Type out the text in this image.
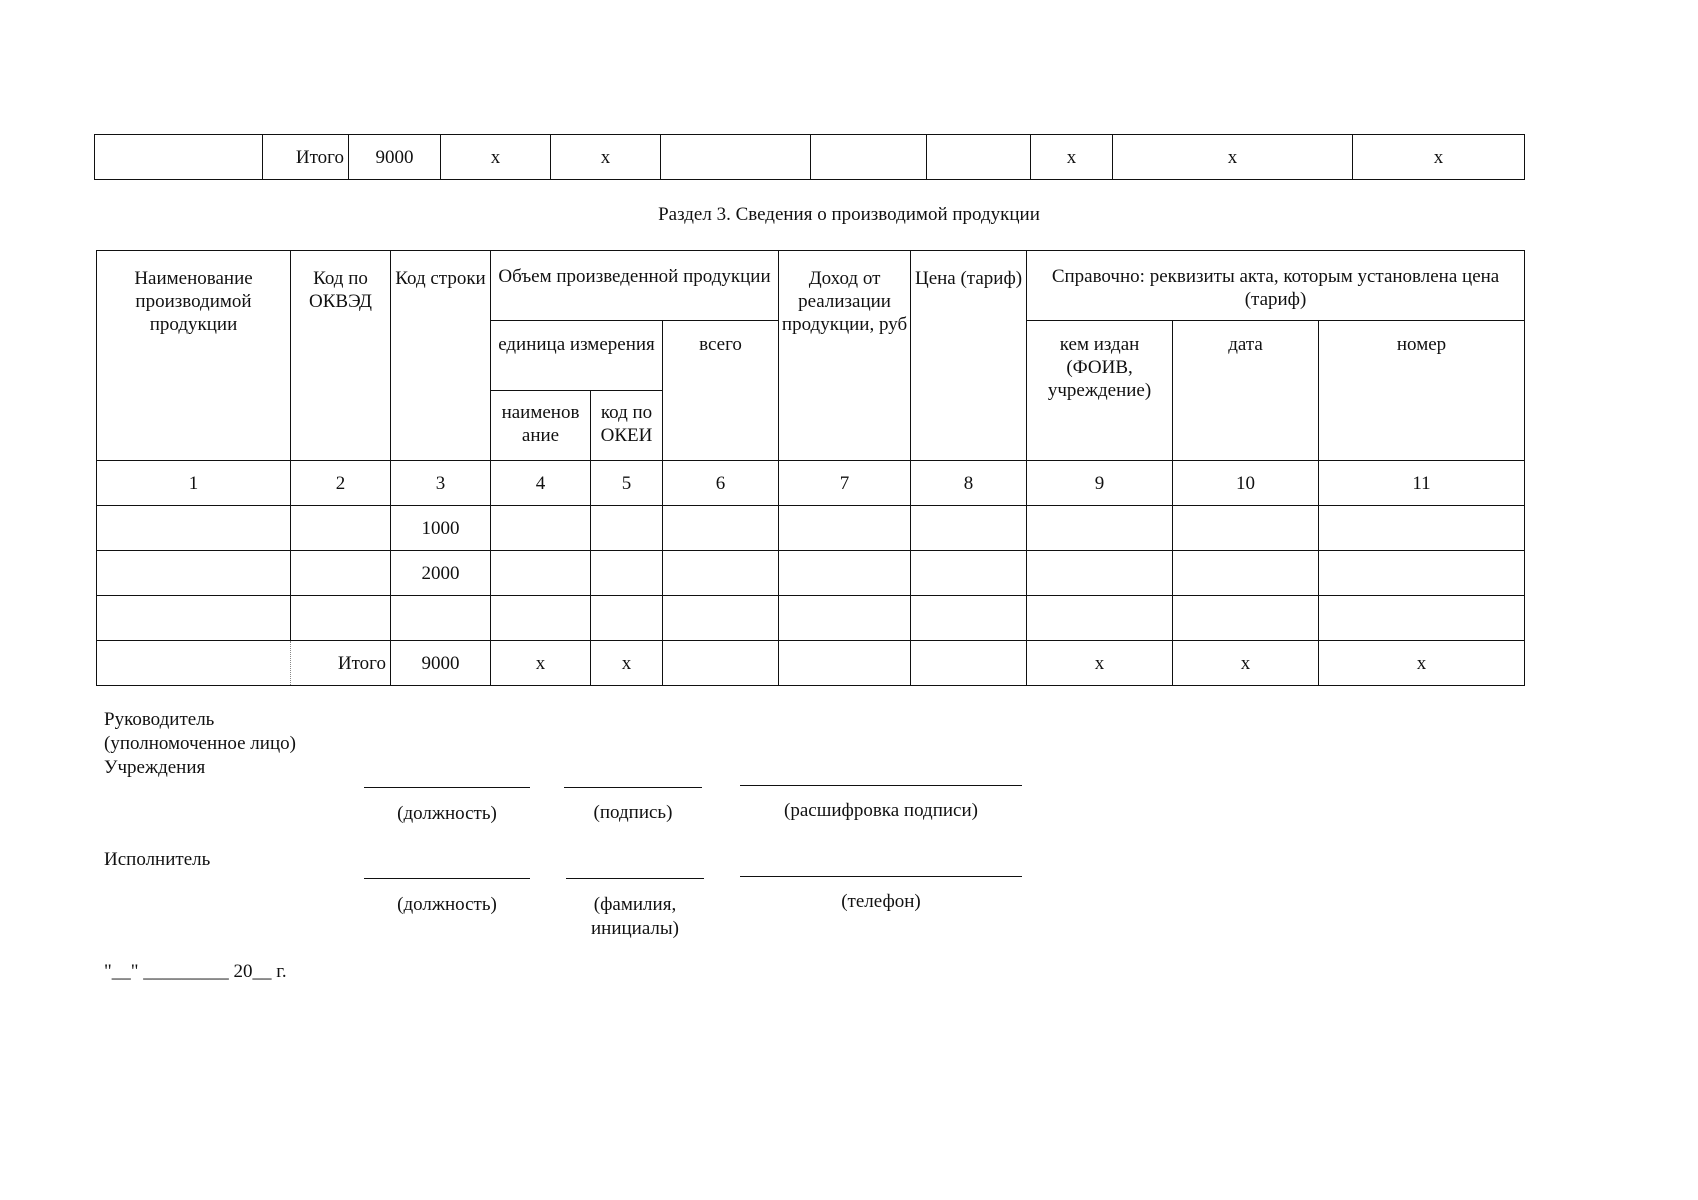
	Итого	9000	x	x				x	x	x
Раздел 3. Сведения о производимой продукции
Наименование производимой продукции	Код по ОКВЭД	Код строки	Объем произведенной продукции			Доход от реализации продукции, руб	Цена (тариф)	Справочно: реквизиты акта, которым установлена цена (тариф)		
			единица измерения		всего			кем издан (ФОИВ, учреждение)	дата	номер
			наименов ание	код по ОКЕИ						
1	2	3	4	5	6	7	8	9	10	11
		1000								
		2000								

	Итого	9000	x	x				x	x	x
Руководитель
(уполномоченное лицо)
Учреждения
(должность)	(подпись)	(расшифровка подписи)
Исполнитель
(должность)	(фамилия, инициалы)
(телефон)
"__" _________ 20__ г.
